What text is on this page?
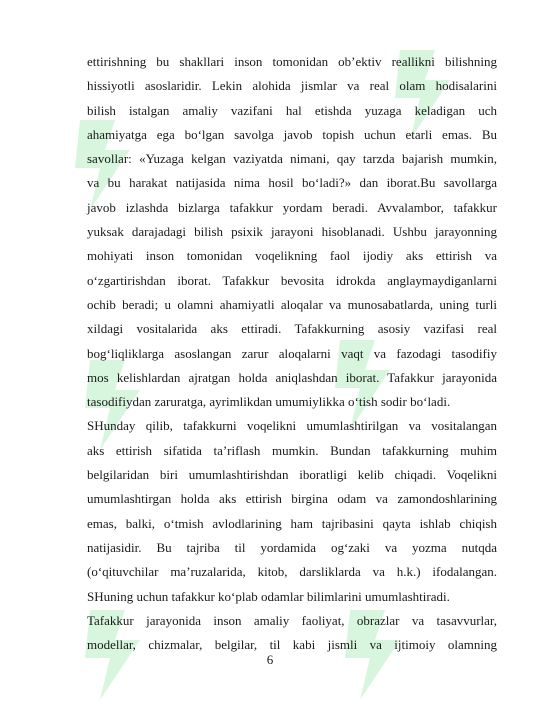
ettirishning bu shakllari inson tomonidan ob’ektiv reallikni bilishning
hissiyotli asoslaridir. Lekin alohida jismlar va real olam hodisalarini
bilish istalgan amaliy vazifani hal etishda yuzaga keladigan uch
ahamiyatga ega bo‘lgan savolga javob topish uchun etarli emas. Bu
savollar: «Yuzaga kelgan vaziyatda nimani, qay tarzda bajarish mumkin,
va bu harakat natijasida nima hosil bo‘ladi?» dan iborat.Bu savollarga
javob izlashda bizlarga tafakkur yordam beradi. Avvalambor, tafakkur
yuksak darajadagi bilish psixik jarayoni hisoblanadi. Ushbu jarayonning
mohiyati inson tomonidan voqelikning faol ijodiy aks ettirish va
o‘zgartirishdan iborat. Tafakkur bevosita idrokda anglaymaydiganlarni
ochib beradi; u olamni ahamiyatli aloqalar va munosabatlarda, uning turli
xildagi vositalarida aks ettiradi. Tafakkurning asosiy vazifasi real
bog‘liqliklarga asoslangan zarur aloqalarni vaqt va fazodagi tasodifiy
mos kelishlardan ajratgan holda aniqlashdan iborat. Tafakkur jarayonida
tasodifiydan zaruratga, ayrimlikdan umumiylikka o‘tish sodir bo‘ladi.
SHunday qilib, tafakkurni voqelikni umumlashtirilgan va vositalangan
aks ettirish sifatida ta’riflash mumkin. Bundan tafakkurning muhim
belgilaridan biri umumlashtirishdan iboratligi kelib chiqadi. Voqelikni
umumlashtirgan holda aks ettirish birgina odam va zamondoshlarining
emas, balki, o‘tmish avlodlarining ham tajribasini qayta ishlab chiqish
natijasidir. Bu tajriba til yordamida og‘zaki va yozma nutqda
(o‘qituvchilar ma’ruzalarida, kitob, darsliklarda va h.k.) ifodalangan.
SHuning uchun tafakkur ko‘plab odamlar bilimlarini umumlashtiradi.
Tafakkur jarayonida inson amaliy faoliyat, obrazlar va tasavvurlar,
modellar, chizmalar, belgilar, til kabi jismli va ijtimoiy olamning
6
